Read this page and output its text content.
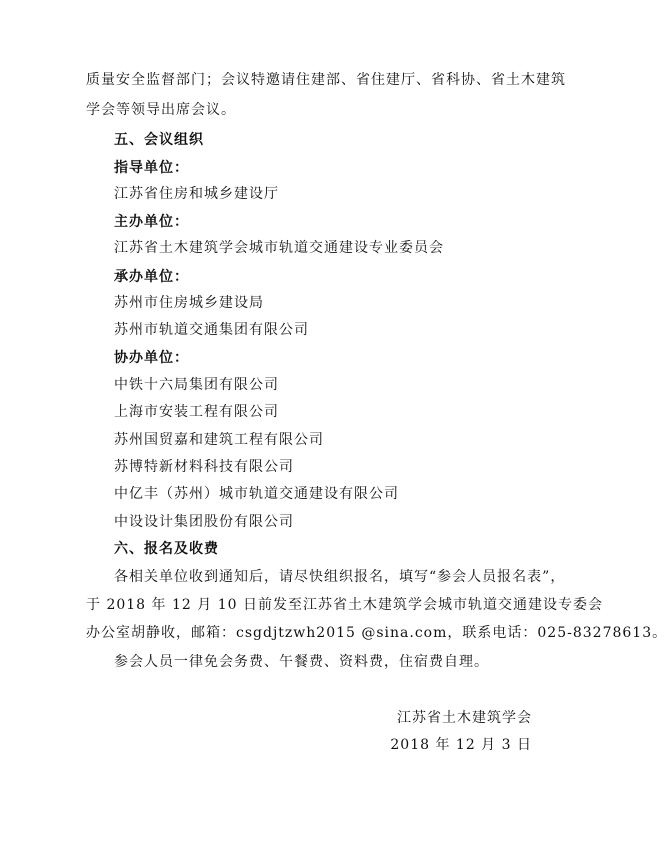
质量安全监督部门；会议特邀请住建部、省住建厅、省科协、省土木建筑
学会等领导出席会议。
五、会议组织
指导单位：
江苏省住房和城乡建设厅
主办单位：
江苏省土木建筑学会城市轨道交通建设专业委员会
承办单位：
苏州市住房城乡建设局
苏州市轨道交通集团有限公司
协办单位：
中铁十六局集团有限公司
上海市安装工程有限公司
苏州国贸嘉和建筑工程有限公司
苏博特新材料科技有限公司
中亿丰（苏州）城市轨道交通建设有限公司
中设设计集团股份有限公司
六、报名及收费
各相关单位收到通知后，请尽快组织报名，填写“参会人员报名表”，
于 2018 年 12 月 10 日前发至江苏省土木建筑学会城市轨道交通建设专委会
办公室胡静收，邮箱：csgdjtzwh2015 @sina.com，联系电话：025-83278613。
参会人员一律免会务费、午餐费、资料费，住宿费自理。
江苏省土木建筑学会
2018 年 12 月 3 日
